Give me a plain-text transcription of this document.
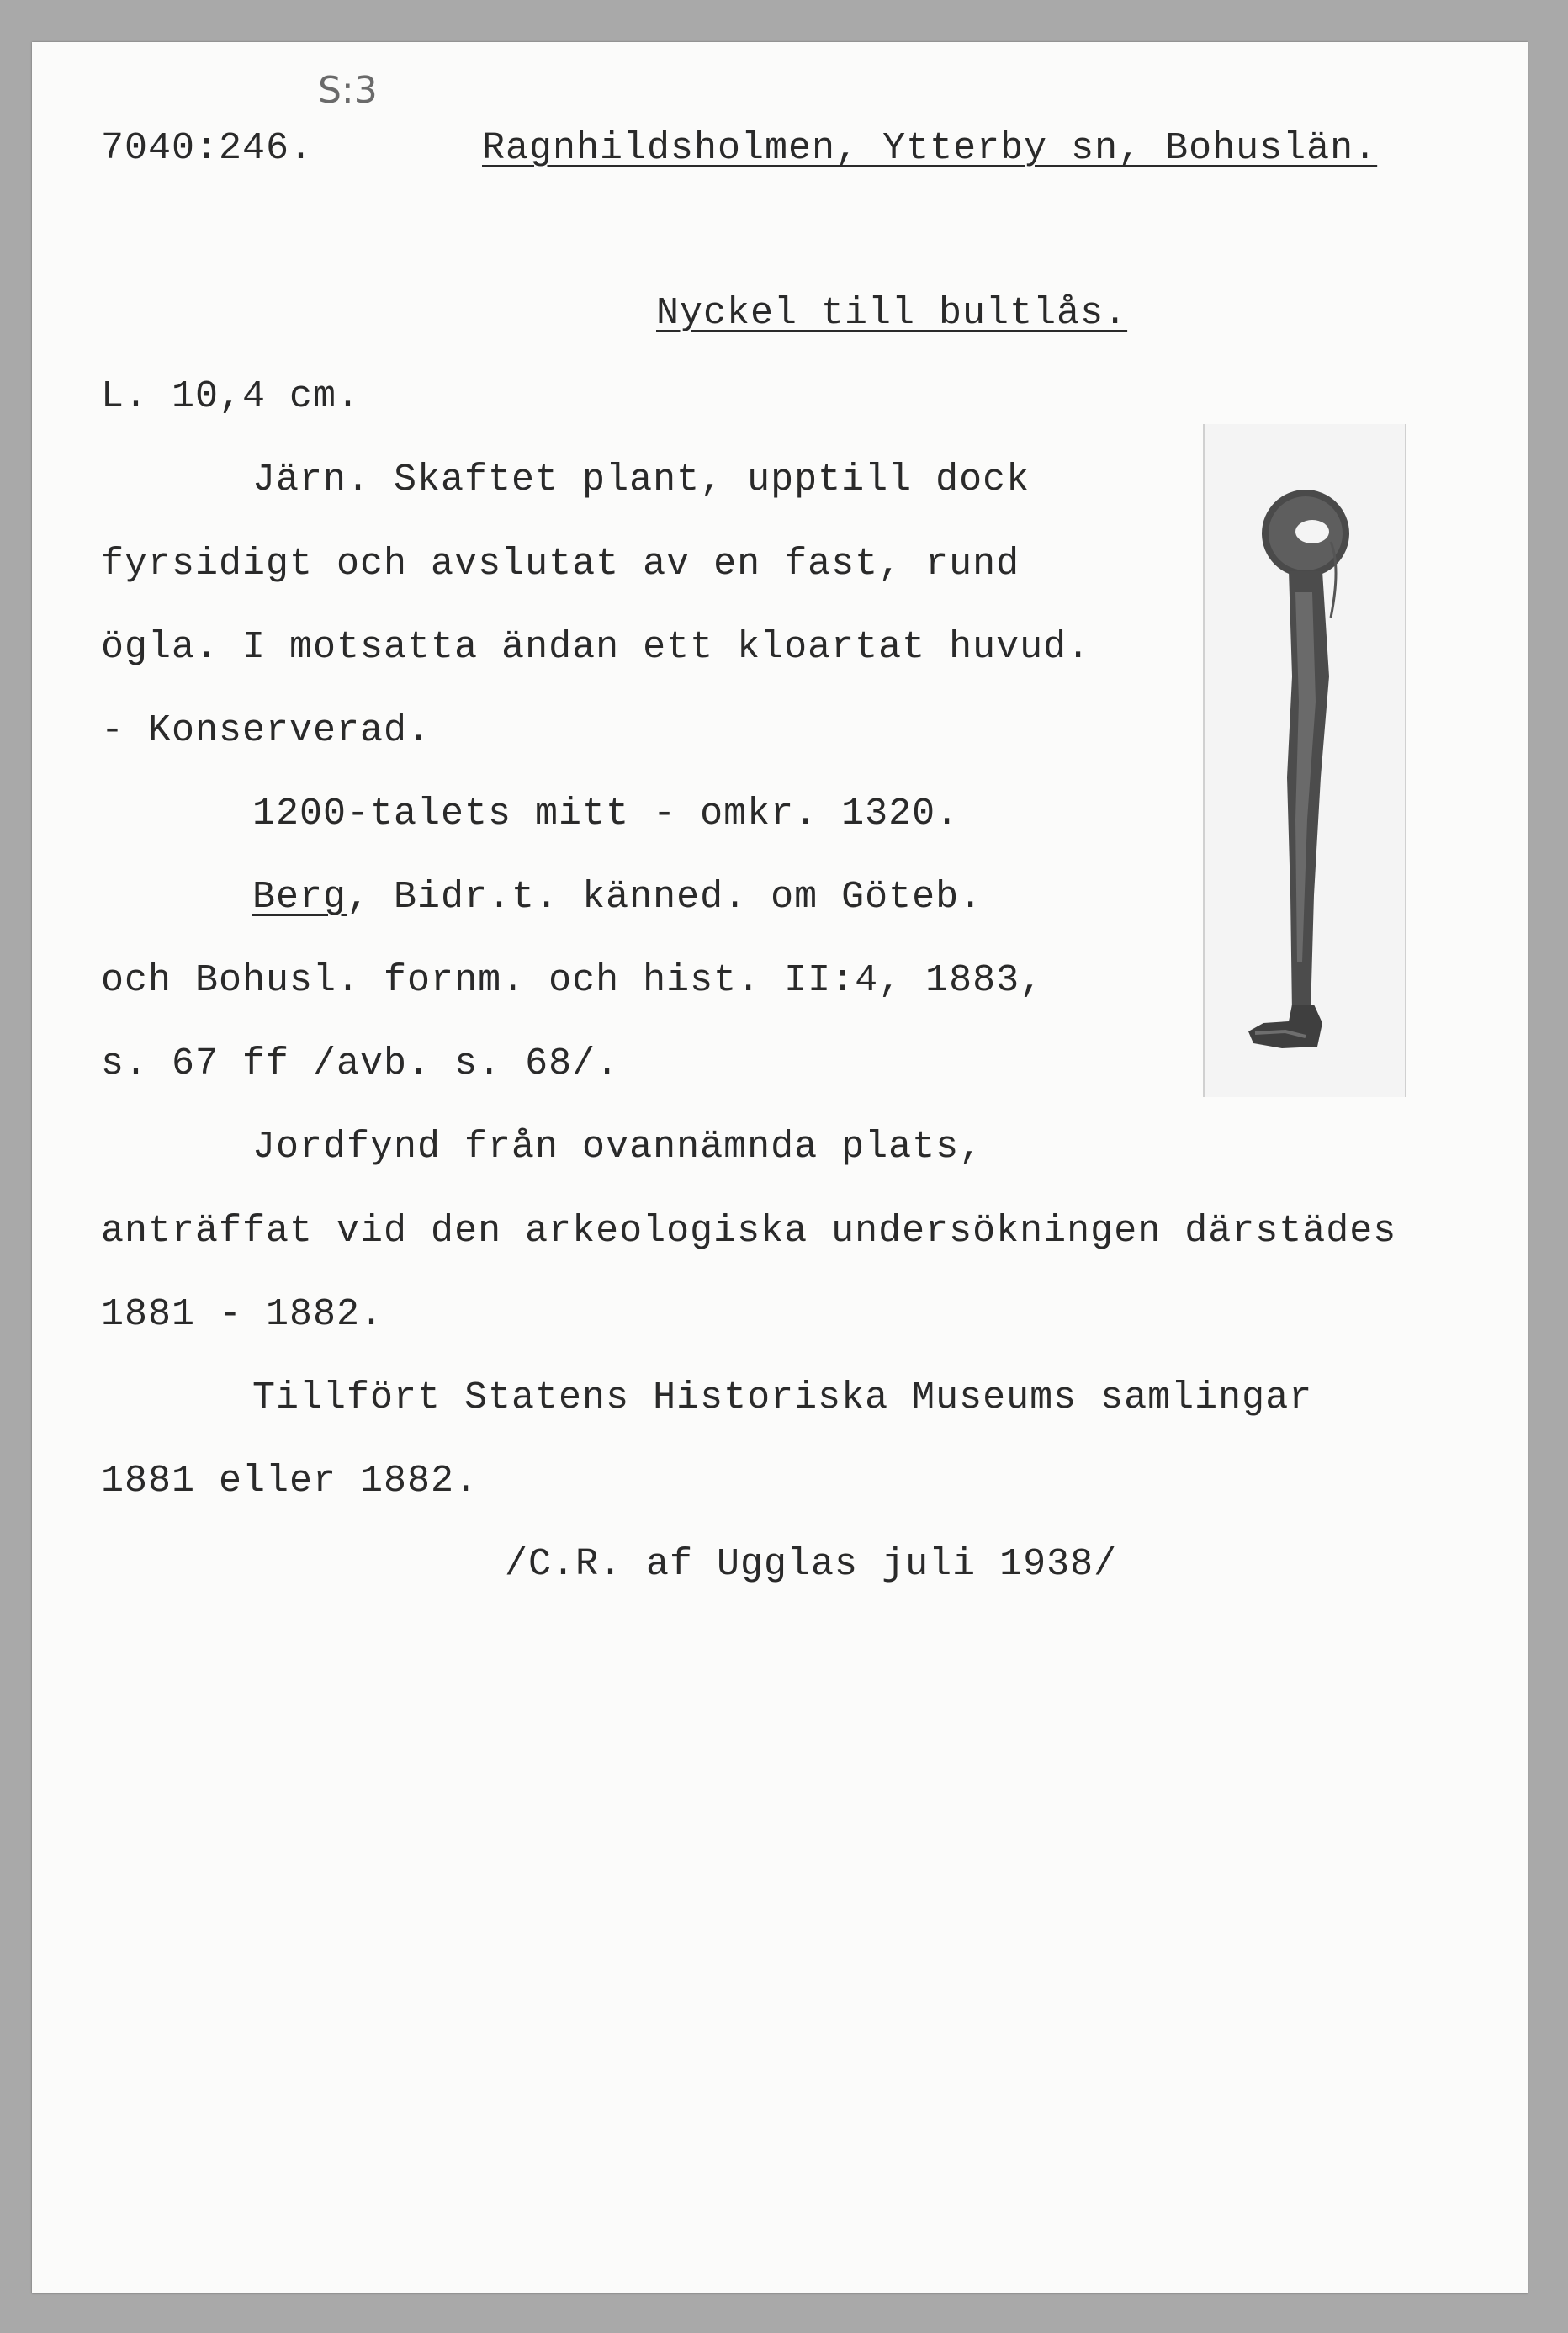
S:3
7040:246.	Ragnhildsholmen, Ytterby sn, Bohuslän.
Nyckel till bultlås.
L. 10,4 cm.
Järn. Skaftet plant, upptill dock
fyrsidigt och avslutat av en fast, rund
ögla. I motsatta ändan ett kloartat huvud.
- Konserverad.
1200-talets mitt - omkr. 1320.
Berg, Bidr.t. känned. om Göteb.
och Bohusl. fornm. och hist. II:4, 1883,
s. 67 ff /avb. s. 68/.
Jordfynd från ovannämnda plats,
anträffat vid den arkeologiska undersökningen därstädes
1881 - 1882.
Tillfört Statens Historiska Museums samlingar
1881 eller 1882.
/C.R. af Ugglas juli 1938/
